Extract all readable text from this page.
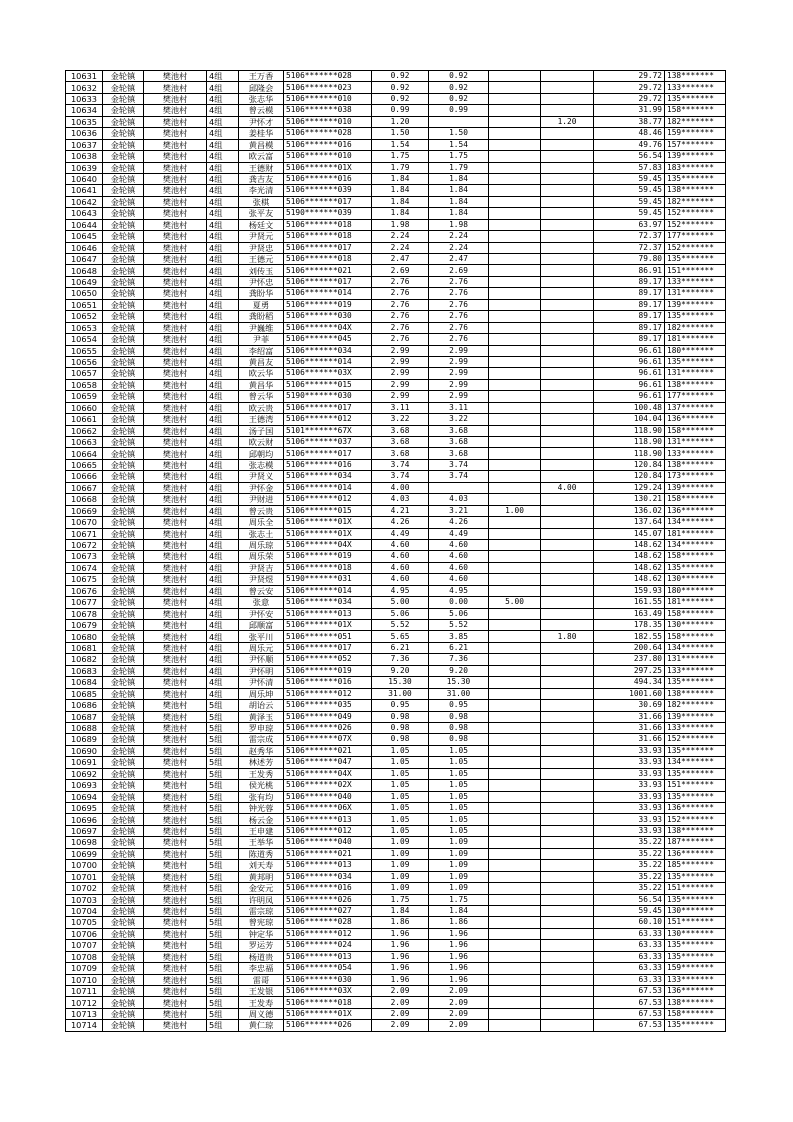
10631	金轮镇	樊池村	4组	王万香	5106*******028	0.92	0.92			29.72	138*******
10632	金轮镇	樊池村	4组	邱隆会	5106*******023	0.92	0.92			29.72	133*******
10633	金轮镇	樊池村	4组	张志华	5106*******010	0.92	0.92			29.72	135*******
10634	金轮镇	樊池村	4组	曾云模	5106*******038	0.99	0.99			31.99	158*******
10635	金轮镇	樊池村	4组	尹怀才	5106*******010	1.20			1.20	38.77	182*******
10636	金轮镇	樊池村	4组	姜桂华	5106*******028	1.50	1.50			48.46	159*******
10637	金轮镇	樊池村	4组	黄昌模	5106*******016	1.54	1.54			49.76	157*******
10638	金轮镇	樊池村	4组	欧云富	5106*******010	1.75	1.75			56.54	139*******
10639	金轮镇	樊池村	4组	王德财	5106*******01X	1.79	1.79			57.83	183*******
10640	金轮镇	樊池村	4组	龚吉友	5106*******016	1.84	1.84			59.45	135*******
10641	金轮镇	樊池村	4组	李光清	5106*******039	1.84	1.84			59.45	138*******
10642	金轮镇	樊池村	4组	张棋	5106*******017	1.84	1.84			59.45	182*******
10643	金轮镇	樊池村	4组	张平友	5190*******039	1.84	1.84			59.45	152*******
10644	金轮镇	樊池村	4组	杨廷文	5106*******018	1.98	1.98			63.97	152*******
10645	金轮镇	樊池村	4组	尹贤元	5106*******018	2.24	2.24			72.37	177*******
10646	金轮镇	樊池村	4组	尹贤忠	5106*******017	2.24	2.24			72.37	152*******
10647	金轮镇	樊池村	4组	王德元	5106*******018	2.47	2.47			79.80	135*******
10648	金轮镇	樊池村	4组	刘传玉	5106*******021	2.69	2.69			86.91	151*******
10649	金轮镇	樊池村	4组	尹怀忠	5106*******017	2.76	2.76			89.17	133*******
10650	金轮镇	樊池村	4组	龚盼华	5106*******014	2.76	2.76			89.17	131*******
10651	金轮镇	樊池村	4组	夏勇	5106*******019	2.76	2.76			89.17	139*******
10652	金轮镇	樊池村	4组	龚盼稻	5106*******030	2.76	2.76			89.17	135*******
10653	金轮镇	樊池村	4组	尹巍维	5106*******04X	2.76	2.76			89.17	182*******
10654	金轮镇	樊池村	4组	尹菲	5106*******045	2.76	2.76			89.17	181*******
10655	金轮镇	樊池村	4组	李绍富	5106*******034	2.99	2.99			96.61	180*******
10656	金轮镇	樊池村	4组	黄昌友	5106*******014	2.99	2.99			96.61	135*******
10657	金轮镇	樊池村	4组	欧云华	5106*******03X	2.99	2.99			96.61	131*******
10658	金轮镇	樊池村	4组	黄昌华	5106*******015	2.99	2.99			96.61	138*******
10659	金轮镇	樊池村	4组	曾云华	5190*******030	2.99	2.99			96.61	177*******
10660	金轮镇	樊池村	4组	欧云贵	5106*******017	3.11	3.11			100.48	137*******
10661	金轮镇	樊池村	4组	王德湾	5106*******012	3.22	3.22			104.04	136*******
10662	金轮镇	樊池村	4组	汤子国	5101*******67X	3.68	3.68			118.90	158*******
10663	金轮镇	樊池村	4组	欧云财	5106*******037	3.68	3.68			118.90	131*******
10664	金轮镇	樊池村	4组	邱朝均	5106*******017	3.68	3.68			118.90	133*******
10665	金轮镇	樊池村	4组	张志模	5106*******016	3.74	3.74			120.84	138*******
10666	金轮镇	樊池村	4组	尹贤义	5106*******034	3.74	3.74			120.84	173*******
10667	金轮镇	樊池村	4组	尹怀金	5106*******014	4.00			4.00	129.24	139*******
10668	金轮镇	樊池村	4组	尹财进	5106*******012	4.03	4.03			130.21	158*******
10669	金轮镇	樊池村	4组	曾云贵	5106*******015	4.21	3.21	1.00		136.02	136*******
10670	金轮镇	樊池村	4组	周乐全	5106*******01X	4.26	4.26			137.64	134*******
10671	金轮镇	樊池村	4组	张志土	5106*******01X	4.49	4.49			145.07	181*******
10672	金轮镇	樊池村	4组	周乐琼	5106*******04X	4.60	4.60			148.62	134*******
10673	金轮镇	樊池村	4组	周乐荣	5106*******019	4.60	4.60			148.62	158*******
10674	金轮镇	樊池村	4组	尹贤吉	5106*******018	4.60	4.60			148.62	135*******
10675	金轮镇	樊池村	4组	尹贤煜	5190*******031	4.60	4.60			148.62	130*******
10676	金轮镇	樊池村	4组	曾云安	5106*******014	4.95	4.95			159.93	180*******
10677	金轮镇	樊池村	4组	张意	5106*******034	5.00	0.00	5.00		161.55	181*******
10678	金轮镇	樊池村	4组	尹怀安	5106*******013	5.06	5.06			163.49	158*******
10679	金轮镇	樊池村	4组	邱顺富	5106*******01X	5.52	5.52			178.35	130*******
10680	金轮镇	樊池村	4组	张平川	5106*******051	5.65	3.85		1.80	182.55	158*******
10681	金轮镇	樊池村	4组	周乐元	5106*******017	6.21	6.21			200.64	134*******
10682	金轮镇	樊池村	4组	尹怀顺	5106*******052	7.36	7.36			237.80	131*******
10683	金轮镇	樊池村	4组	尹怀明	5106*******019	9.20	9.20			297.25	133*******
10684	金轮镇	樊池村	4组	尹怀清	5106*******016	15.30	15.30			494.34	135*******
10685	金轮镇	樊池村	4组	周乐坤	5106*******012	31.00	31.00			1001.60	138*******
10686	金轮镇	樊池村	5组	胡诒云	5106*******035	0.95	0.95			30.69	182*******
10687	金轮镇	樊池村	5组	黄泽玉	5106*******049	0.98	0.98			31.66	139*******
10688	金轮镇	樊池村	5组	罗申琼	5106*******026	0.98	0.98			31.66	133*******
10689	金轮镇	樊池村	5组	雷宗成	5106*******07X	0.98	0.98			31.66	152*******
10690	金轮镇	樊池村	5组	赵秀华	5106*******021	1.05	1.05			33.93	135*******
10691	金轮镇	樊池村	5组	林述芳	5106*******047	1.05	1.05			33.93	134*******
10692	金轮镇	樊池村	5组	王发秀	5106*******04X	1.05	1.05			33.93	135*******
10693	金轮镇	樊池村	5组	侯光桃	5106*******02X	1.05	1.05			33.93	151*******
10694	金轮镇	樊池村	5组	张有均	5106*******040	1.05	1.05			33.93	135*******
10695	金轮镇	樊池村	5组	钟光蓉	5106*******06X	1.05	1.05			33.93	136*******
10696	金轮镇	樊池村	5组	杨云金	5106*******013	1.05	1.05			33.93	152*******
10697	金轮镇	樊池村	5组	王申建	5106*******012	1.05	1.05			33.93	138*******
10698	金轮镇	樊池村	5组	王举华	5106*******040	1.09	1.09			35.22	187*******
10699	金轮镇	樊池村	5组	陈道秀	5106*******021	1.09	1.09			35.22	136*******
10700	金轮镇	樊池村	5组	刘天寿	5106*******013	1.09	1.09			35.22	185*******
10701	金轮镇	樊池村	5组	黄邦明	5106*******034	1.09	1.09			35.22	135*******
10702	金轮镇	樊池村	5组	金安元	5106*******016	1.09	1.09			35.22	151*******
10703	金轮镇	樊池村	5组	许明凤	5106*******026	1.75	1.75			56.54	135*******
10704	金轮镇	樊池村	5组	雷宗琼	5106*******027	1.84	1.84			59.45	130*******
10705	金轮镇	樊池村	5组	曾宪琼	5106*******028	1.86	1.86			60.10	151*******
10706	金轮镇	樊池村	5组	钟定华	5106*******012	1.96	1.96			63.33	130*******
10707	金轮镇	樊池村	5组	罗运芳	5106*******024	1.96	1.96			63.33	135*******
10708	金轮镇	樊池村	5组	杨道贵	5106*******013	1.96	1.96			63.33	135*******
10709	金轮镇	樊池村	5组	李忠福	5106*******054	1.96	1.96			63.33	159*******
10710	金轮镇	樊池村	5组	雷哥	5106*******030	1.96	1.96			63.33	133*******
10711	金轮镇	樊池村	5组	王发银	5106*******03X	2.09	2.09			67.53	136*******
10712	金轮镇	樊池村	5组	王发寿	5106*******018	2.09	2.09			67.53	138*******
10713	金轮镇	樊池村	5组	周义德	5106*******01X	2.09	2.09			67.53	158*******
10714	金轮镇	樊池村	5组	黄仁琼	5106*******026	2.09	2.09			67.53	135*******
